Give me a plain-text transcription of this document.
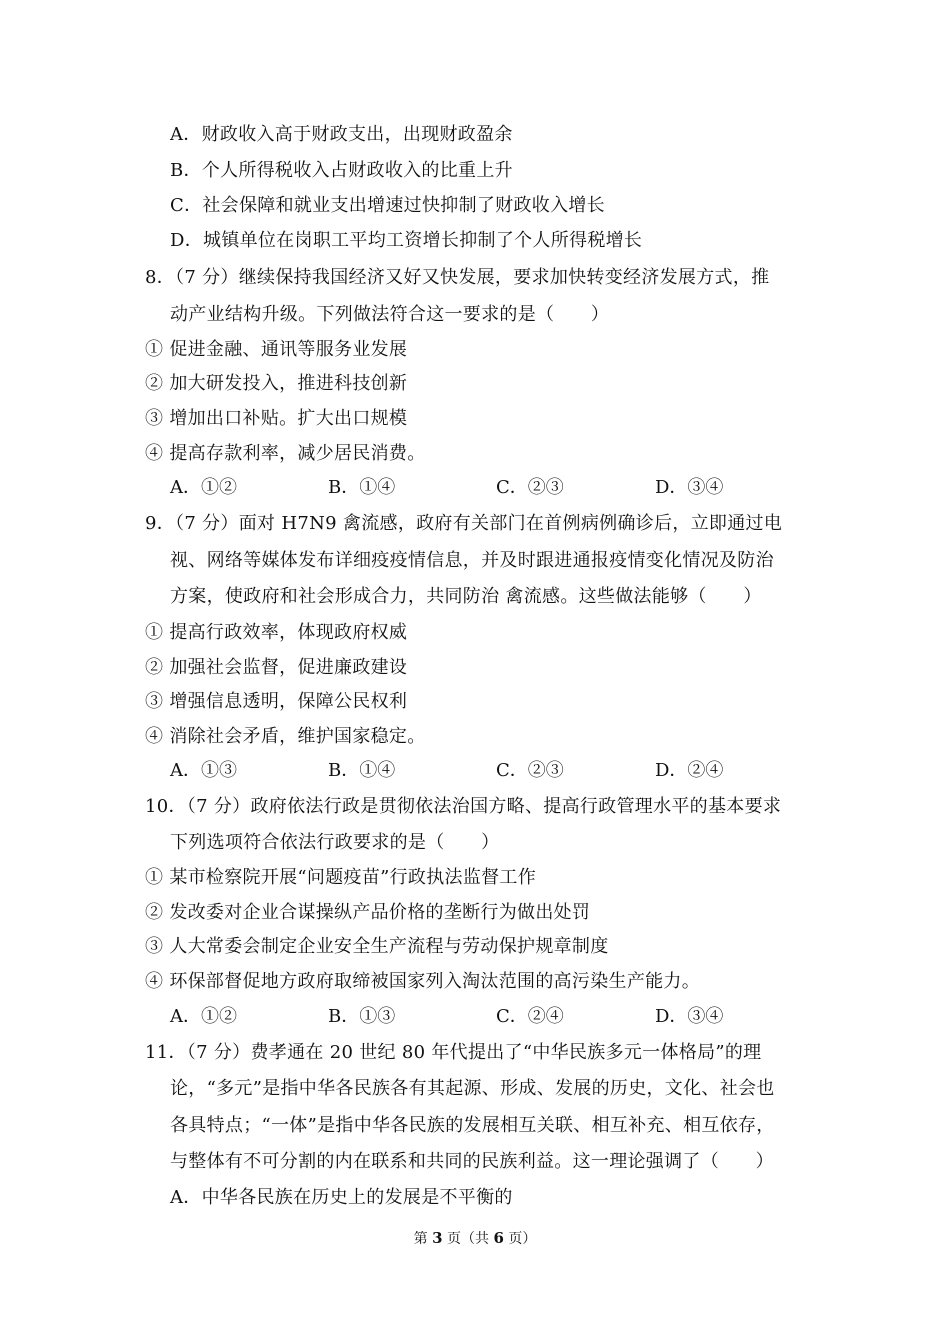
A．财政收入高于财政支出，出现财政盈余
B．个人所得税收入占财政收入的比重上升
C．社会保障和就业支出增速过快抑制了财政收入增长
D．城镇单位在岗职工平均工资增长抑制了个人所得税增长
8．（7 分）继续保持我国经济又好又快发展，要求加快转变经济发展方式，推
动产业结构升级。下列做法符合这一要求的是（　　）
① 促进金融、通讯等服务业发展
② 加大研发投入，推进科技创新
③ 增加出口补贴。扩大出口规模
④ 提高存款利率，减少居民消费。
A．①②	B．①④	C．②③	D．③④
9．（7 分）面对 H7N9 禽流感，政府有关部门在首例病例确诊后，立即通过电
视、网络等媒体发布详细疫疫情信息，并及时跟进通报疫情变化情况及防治
方案，使政府和社会形成合力，共同防治 禽流感。这些做法能够（　　）
① 提高行政效率，体现政府权威
② 加强社会监督，促进廉政建设
③ 增强信息透明，保障公民权利
④ 消除社会矛盾，维护国家稳定。
A．①③	B．①④	C．②③	D．②④
10．（7 分）政府依法行政是贯彻依法治国方略、提高行政管理水平的基本要求
下列选项符合依法行政要求的是（　　）
① 某市检察院开展“问题疫苗”行政执法监督工作
② 发改委对企业合谋操纵产品价格的垄断行为做出处罚
③ 人大常委会制定企业安全生产流程与劳动保护规章制度
④ 环保部督促地方政府取缔被国家列入淘汰范围的高污染生产能力。
A．①②	B．①③	C．②④	D．③④
11．（7 分）费孝通在 20 世纪 80 年代提出了“中华民族多元一体格局”的理
论，“多元”是指中华各民族各有其起源、形成、发展的历史，文化、社会也
各具特点；“一体”是指中华各民族的发展相互关联、相互补充、相互依存，
与整体有不可分割的内在联系和共同的民族利益。这一理论强调了（　　）
A．中华各民族在历史上的发展是不平衡的
第 3 页（共 6 页）
